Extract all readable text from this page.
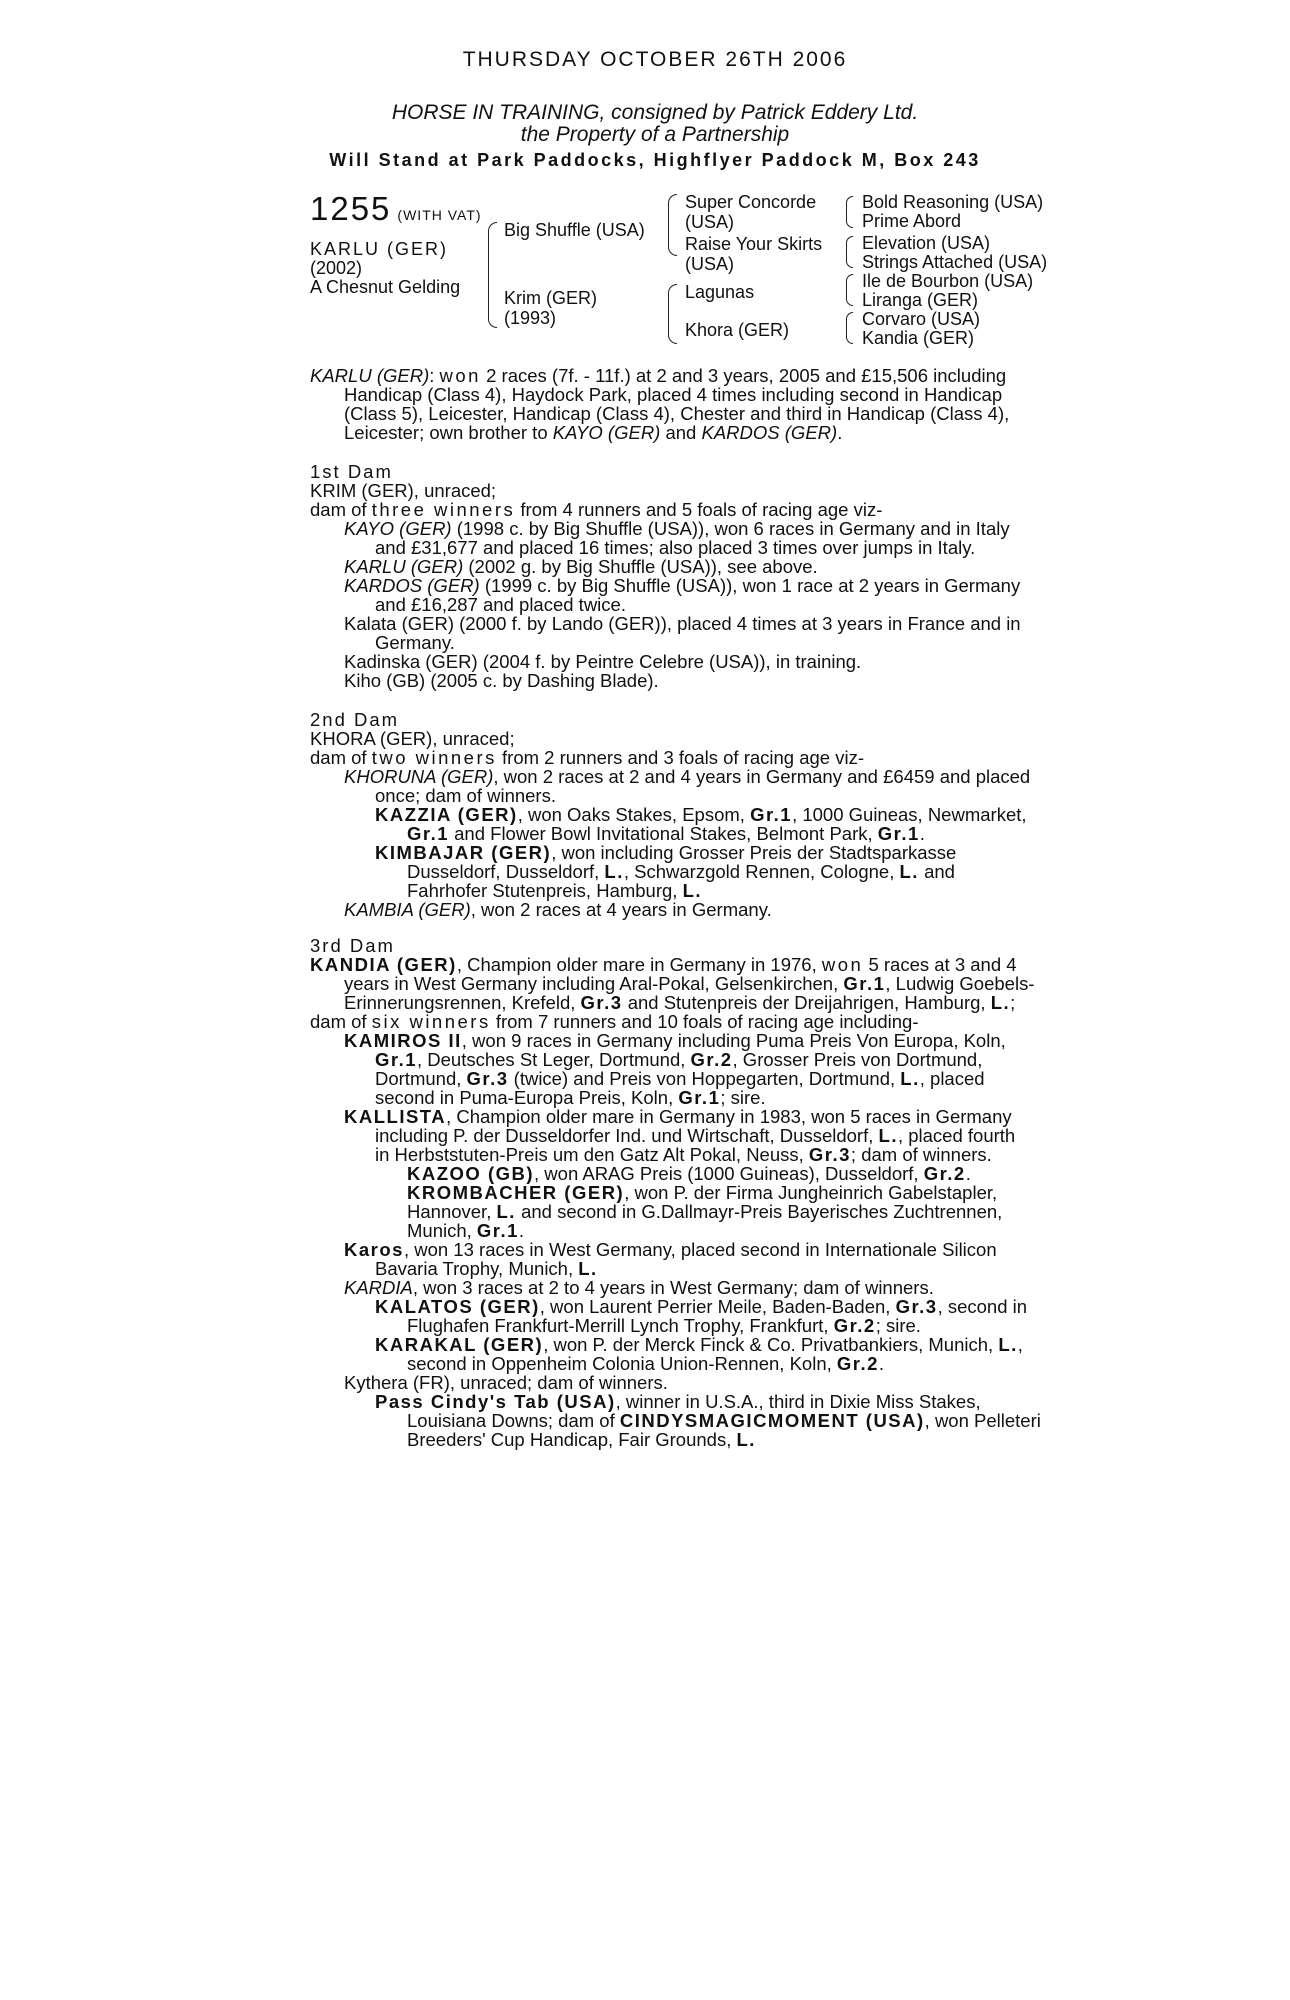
THURSDAY OCTOBER 26TH 2006
HORSE IN TRAINING, consigned by Patrick Eddery Ltd.
the Property of a Partnership
Will Stand at Park Paddocks, Highflyer Paddock M, Box 243
1255 (WITH VAT)
KARLU (GER)
(2002)
A Chesnut Gelding
Big Shuffle (USA)
Krim (GER)
(1993)
Super Concorde
(USA)
Raise Your Skirts
(USA)
Lagunas
Khora (GER)
Bold Reasoning (USA)
Prime Abord
Elevation (USA)
Strings Attached (USA)
Ile de Bourbon (USA)
Liranga (GER)
Corvaro (USA)
Kandia (GER)
KARLU (GER): won 2 races (7f. - 11f.) at 2 and 3 years, 2005 and £15,506 including
Handicap (Class 4), Haydock Park, placed 4 times including second in Handicap
(Class 5), Leicester, Handicap (Class 4), Chester and third in Handicap (Class 4),
Leicester; own brother to KAYO (GER) and KARDOS (GER).
1st Dam
KRIM (GER), unraced;
dam of three winners from 4 runners and 5 foals of racing age viz-
KAYO (GER) (1998 c. by Big Shuffle (USA)), won 6 races in Germany and in Italy
and £31,677 and placed 16 times; also placed 3 times over jumps in Italy.
KARLU (GER) (2002 g. by Big Shuffle (USA)), see above.
KARDOS (GER) (1999 c. by Big Shuffle (USA)), won 1 race at 2 years in Germany
and £16,287 and placed twice.
Kalata (GER) (2000 f. by Lando (GER)), placed 4 times at 3 years in France and in
Germany.
Kadinska (GER) (2004 f. by Peintre Celebre (USA)), in training.
Kiho (GB) (2005 c. by Dashing Blade).
2nd Dam
KHORA (GER), unraced;
dam of two winners from 2 runners and 3 foals of racing age viz-
KHORUNA (GER), won 2 races at 2 and 4 years in Germany and £6459 and placed
once; dam of winners.
KAZZIA (GER), won Oaks Stakes, Epsom, Gr.1, 1000 Guineas, Newmarket,
Gr.1 and Flower Bowl Invitational Stakes, Belmont Park, Gr.1.
KIMBAJAR (GER), won including Grosser Preis der Stadtsparkasse
Dusseldorf, Dusseldorf, L., Schwarzgold Rennen, Cologne, L. and
Fahrhofer Stutenpreis, Hamburg, L.
KAMBIA (GER), won 2 races at 4 years in Germany.
3rd Dam
KANDIA (GER), Champion older mare in Germany in 1976, won 5 races at 3 and 4
years in West Germany including Aral-Pokal, Gelsenkirchen, Gr.1, Ludwig Goebels-
Erinnerungsrennen, Krefeld, Gr.3 and Stutenpreis der Dreijahrigen, Hamburg, L.;
dam of six winners from 7 runners and 10 foals of racing age including-
KAMIROS II, won 9 races in Germany including Puma Preis Von Europa, Koln,
Gr.1, Deutsches St Leger, Dortmund, Gr.2, Grosser Preis von Dortmund,
Dortmund, Gr.3 (twice) and Preis von Hoppegarten, Dortmund, L., placed
second in Puma-Europa Preis, Koln, Gr.1; sire.
KALLISTA, Champion older mare in Germany in 1983, won 5 races in Germany
including P. der Dusseldorfer Ind. und Wirtschaft, Dusseldorf, L., placed fourth
in Herbststuten-Preis um den Gatz Alt Pokal, Neuss, Gr.3; dam of winners.
KAZOO (GB), won ARAG Preis (1000 Guineas), Dusseldorf, Gr.2.
KROMBACHER (GER), won P. der Firma Jungheinrich Gabelstapler,
Hannover, L. and second in G.Dallmayr-Preis Bayerisches Zuchtrennen,
Munich, Gr.1.
Karos, won 13 races in West Germany, placed second in Internationale Silicon
Bavaria Trophy, Munich, L.
KARDIA, won 3 races at 2 to 4 years in West Germany; dam of winners.
KALATOS (GER), won Laurent Perrier Meile, Baden-Baden, Gr.3, second in
Flughafen Frankfurt-Merrill Lynch Trophy, Frankfurt, Gr.2; sire.
KARAKAL (GER), won P. der Merck Finck & Co. Privatbankiers, Munich, L.,
second in Oppenheim Colonia Union-Rennen, Koln, Gr.2.
Kythera (FR), unraced; dam of winners.
Pass Cindy's Tab (USA), winner in U.S.A., third in Dixie Miss Stakes,
Louisiana Downs; dam of CINDYSMAGICMOMENT (USA), won Pelleteri
Breeders' Cup Handicap, Fair Grounds, L.
